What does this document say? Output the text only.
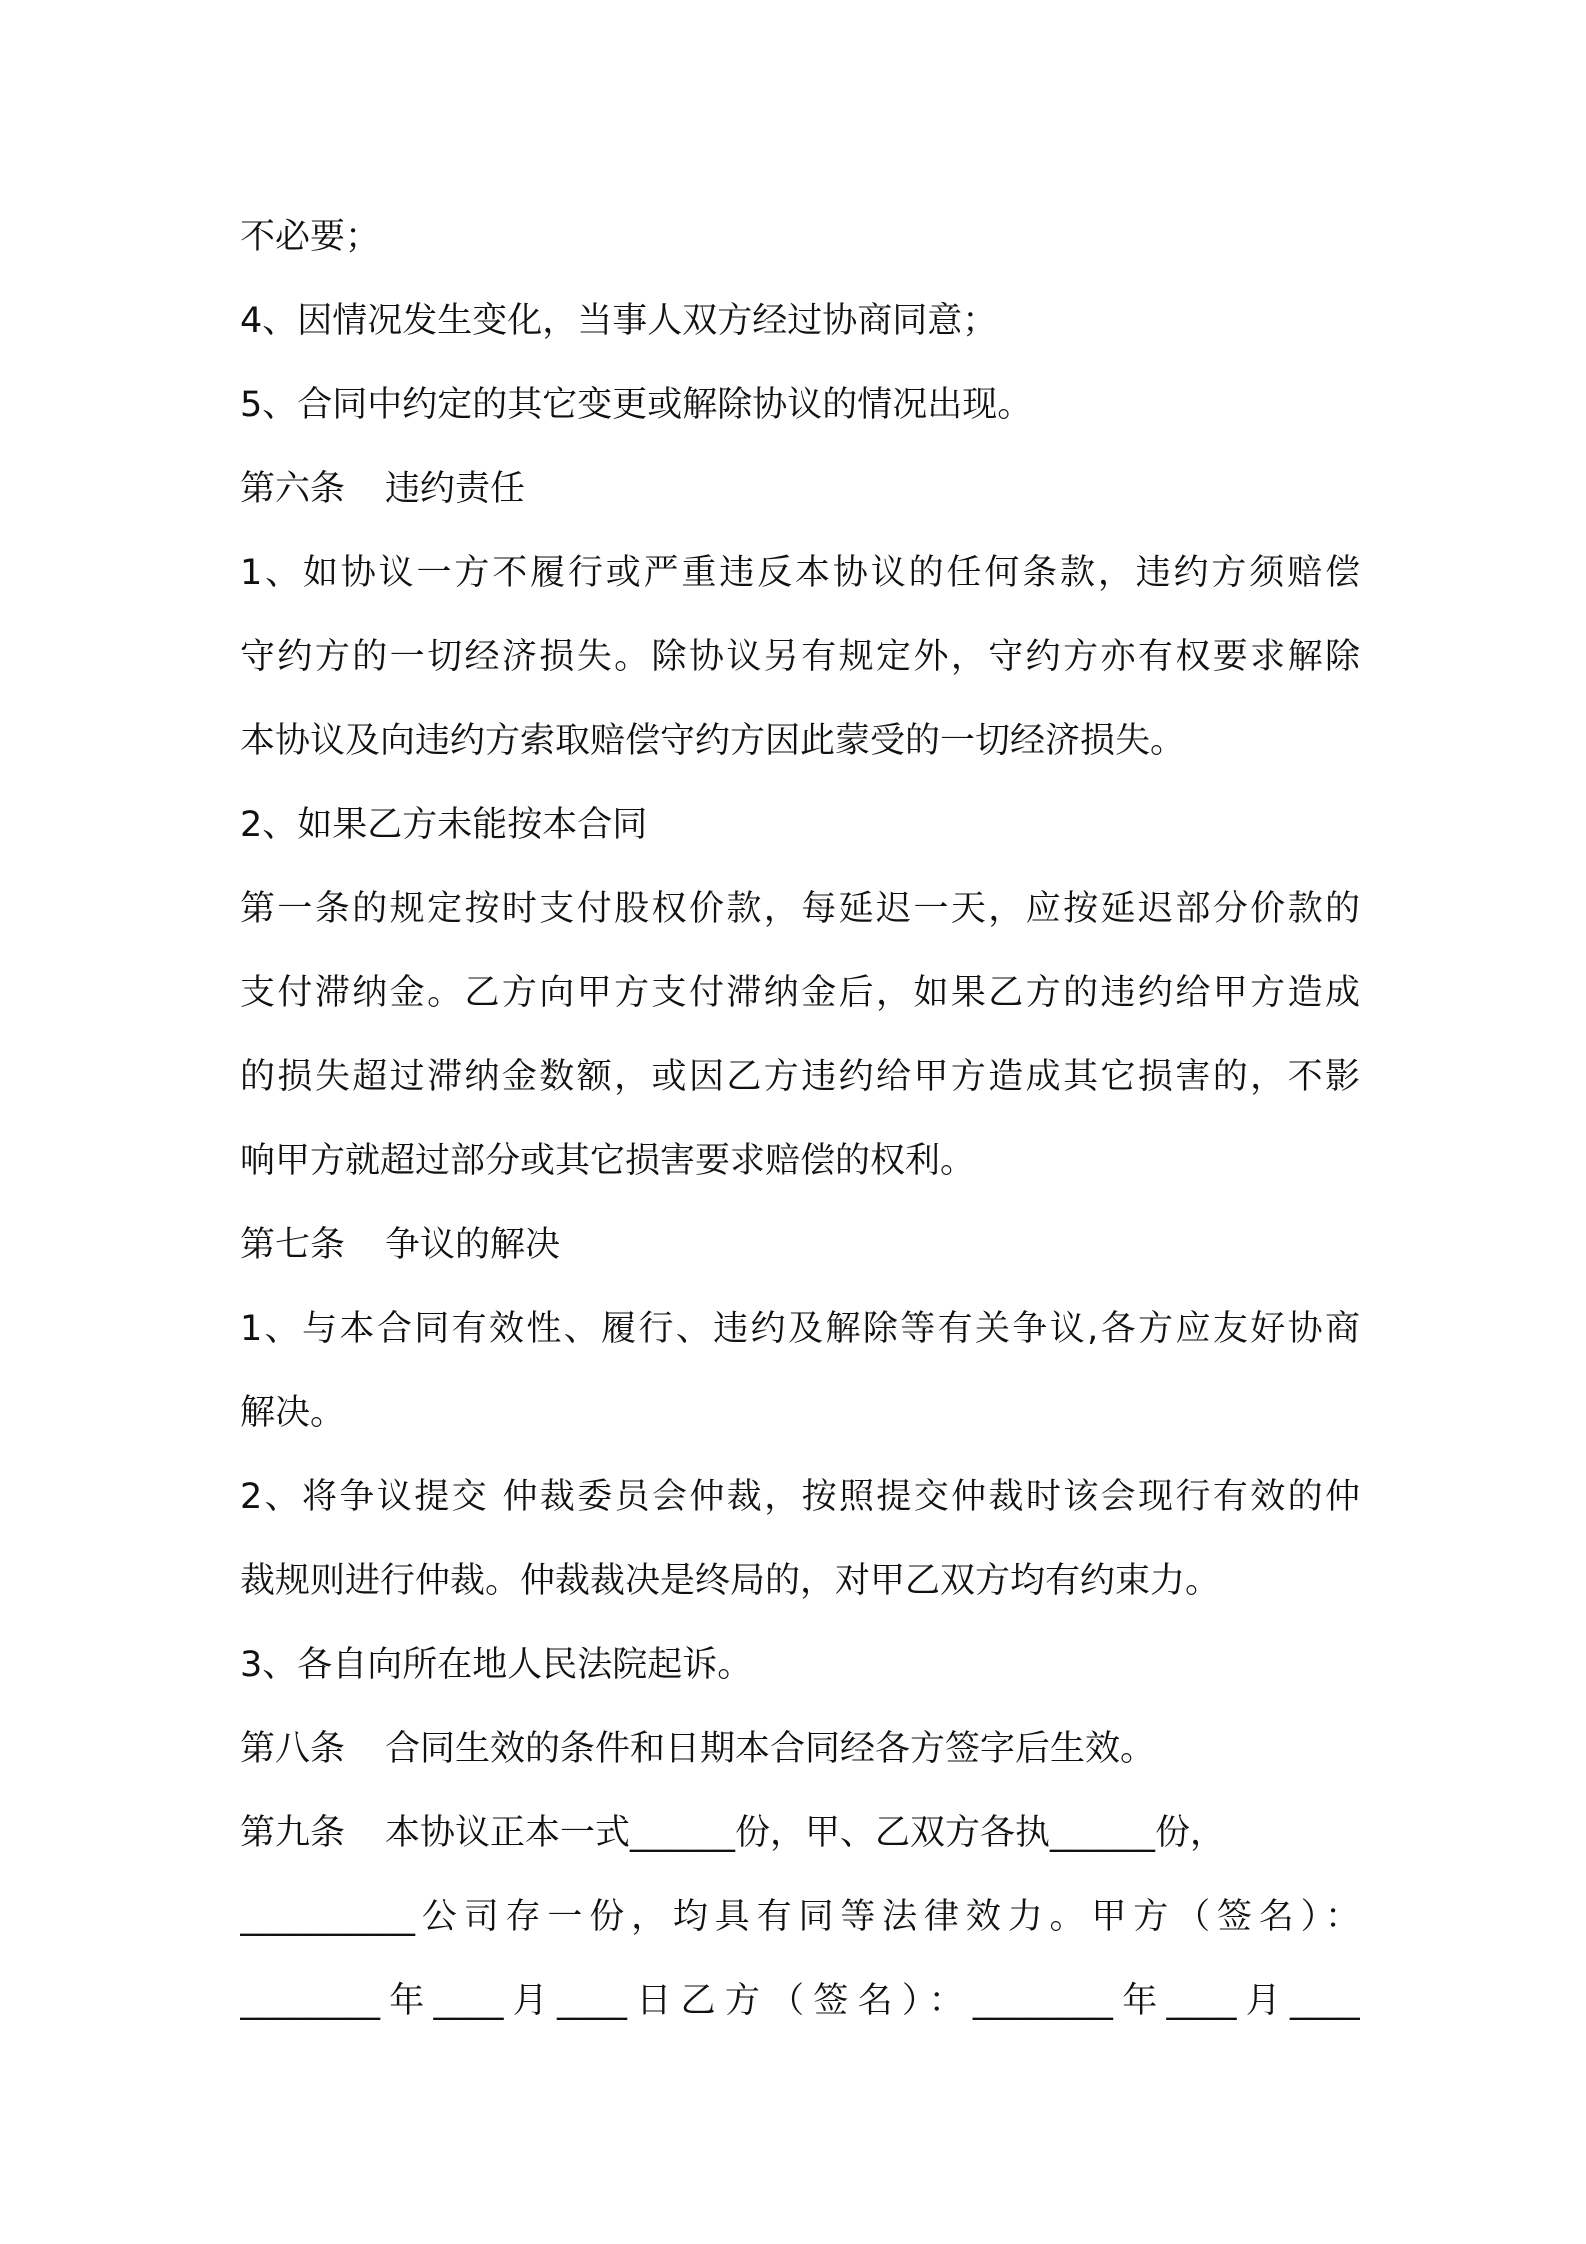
不必要；
4、因情况发生变化，当事人双方经过协商同意；
5、合同中约定的其它变更或解除协议的情况出现。
第六条 违约责任
1、如协议一方不履行或严重违反本协议的任何条款，违约方须赔偿
守约方的一切经济损失。除协议另有规定外，守约方亦有权要求解除
本协议及向违约方索取赔偿守约方因此蒙受的一切经济损失。
2、如果乙方未能按本合同
第一条的规定按时支付股权价款，每延迟一天，应按延迟部分价款的
支付滞纳金。乙方向甲方支付滞纳金后，如果乙方的违约给甲方造成
的损失超过滞纳金数额，或因乙方违约给甲方造成其它损害的，不影
响甲方就超过部分或其它损害要求赔偿的权利。
第七条 争议的解决
1、与本合同有效性、履行、违约及解除等有关争议,各方应友好协商
解决。
2、将争议提交 仲裁委员会仲裁，按照提交仲裁时该会现行有效的仲
裁规则进行仲裁。仲裁裁决是终局的，对甲乙双方均有约束力。
3、各自向所在地人民法院起诉。
第八条 合同生效的条件和日期本合同经各方签字后生效。
第九条 本协议正本一式______份，甲、乙双方各执______份，
__________公司存一份，均具有同等法律效力。甲方（签名）：
________年____月____日乙方（签名）：________年____月____
